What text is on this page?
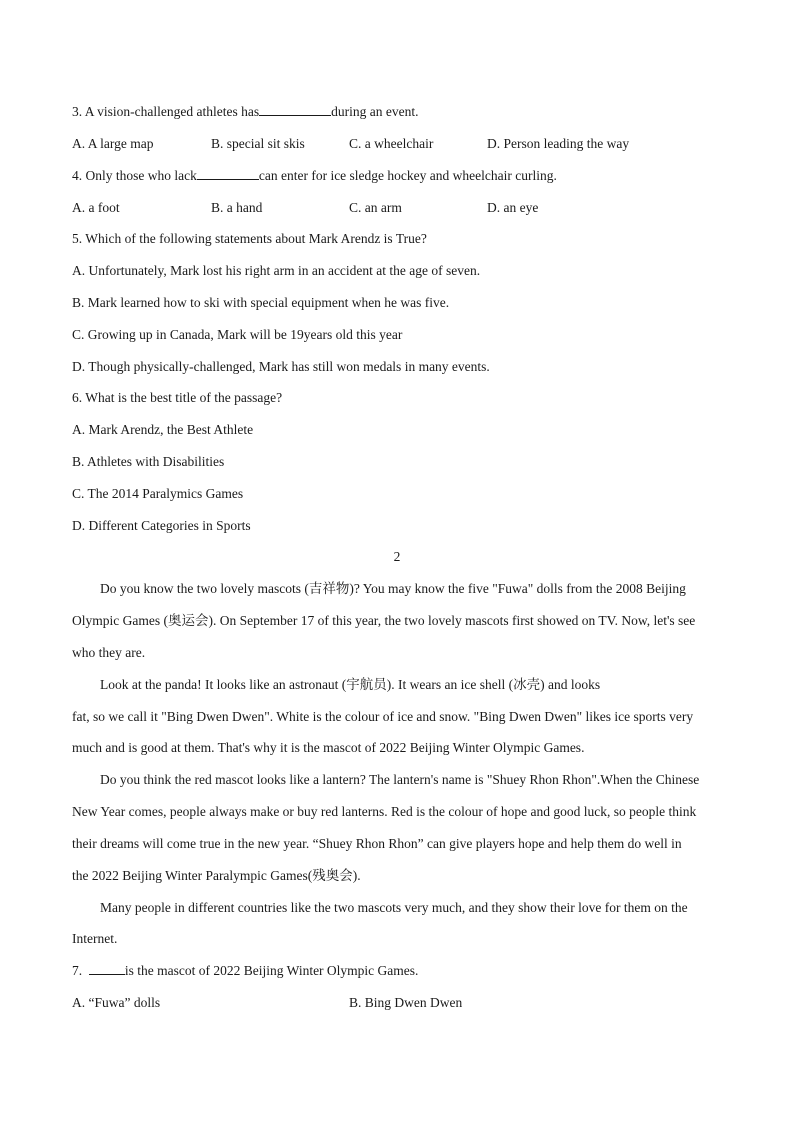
3. A vision-challenged athletes has	during an event.
A. A large map	B. special sit skis	C. a wheelchair	D. Person leading the way
4. Only those who lack	can enter for ice sledge hockey and wheelchair curling.
A. a foot	B. a hand	C. an arm	D. an eye
5. Which of the following statements about Mark Arendz is True?
A. Unfortunately, Mark lost his right arm in an accident at the age of seven.
B. Mark learned how to ski with special equipment when he was five.
C. Growing up in Canada, Mark will be 19years old this year
D. Though physically-challenged, Mark has still won medals in many events.
6. What is the best title of the passage?
A. Mark Arendz, the Best Athlete
B. Athletes with Disabilities
C. The 2014 Paralymics Games
D. Different Categories in Sports
2
Do you know the two lovely mascots (吉祥物)? You may know the five "Fuwa" dolls from the 2008 Beijing
Olympic Games (奥运会). On September 17 of this year, the two lovely mascots first showed on TV. Now, let's see
who they are.
Look at the panda! It looks like an astronaut (宇航员). It wears an ice shell (冰壳) and looks
fat, so we call it "Bing Dwen Dwen". White is the colour of ice and snow. "Bing Dwen Dwen" likes ice sports very
much and is good at them. That's why it is the mascot of 2022 Beijing Winter Olympic Games.
Do you think the red mascot looks like a lantern? The lantern's name is "Shuey Rhon Rhon".When the Chinese
New Year comes, people always make or buy red lanterns. Red is the colour of hope and good luck, so people think
their dreams will come true in the new year. “Shuey Rhon Rhon” can give players hope and help them do well in
the 2022 Beijing Winter Paralympic Games(残奥会).
Many people in different countries like the two mascots very much, and they show their love for them on the
Internet.
7.	is the mascot of 2022 Beijing Winter Olympic Games.
A. “Fuwa” dolls	B. Bing Dwen Dwen
